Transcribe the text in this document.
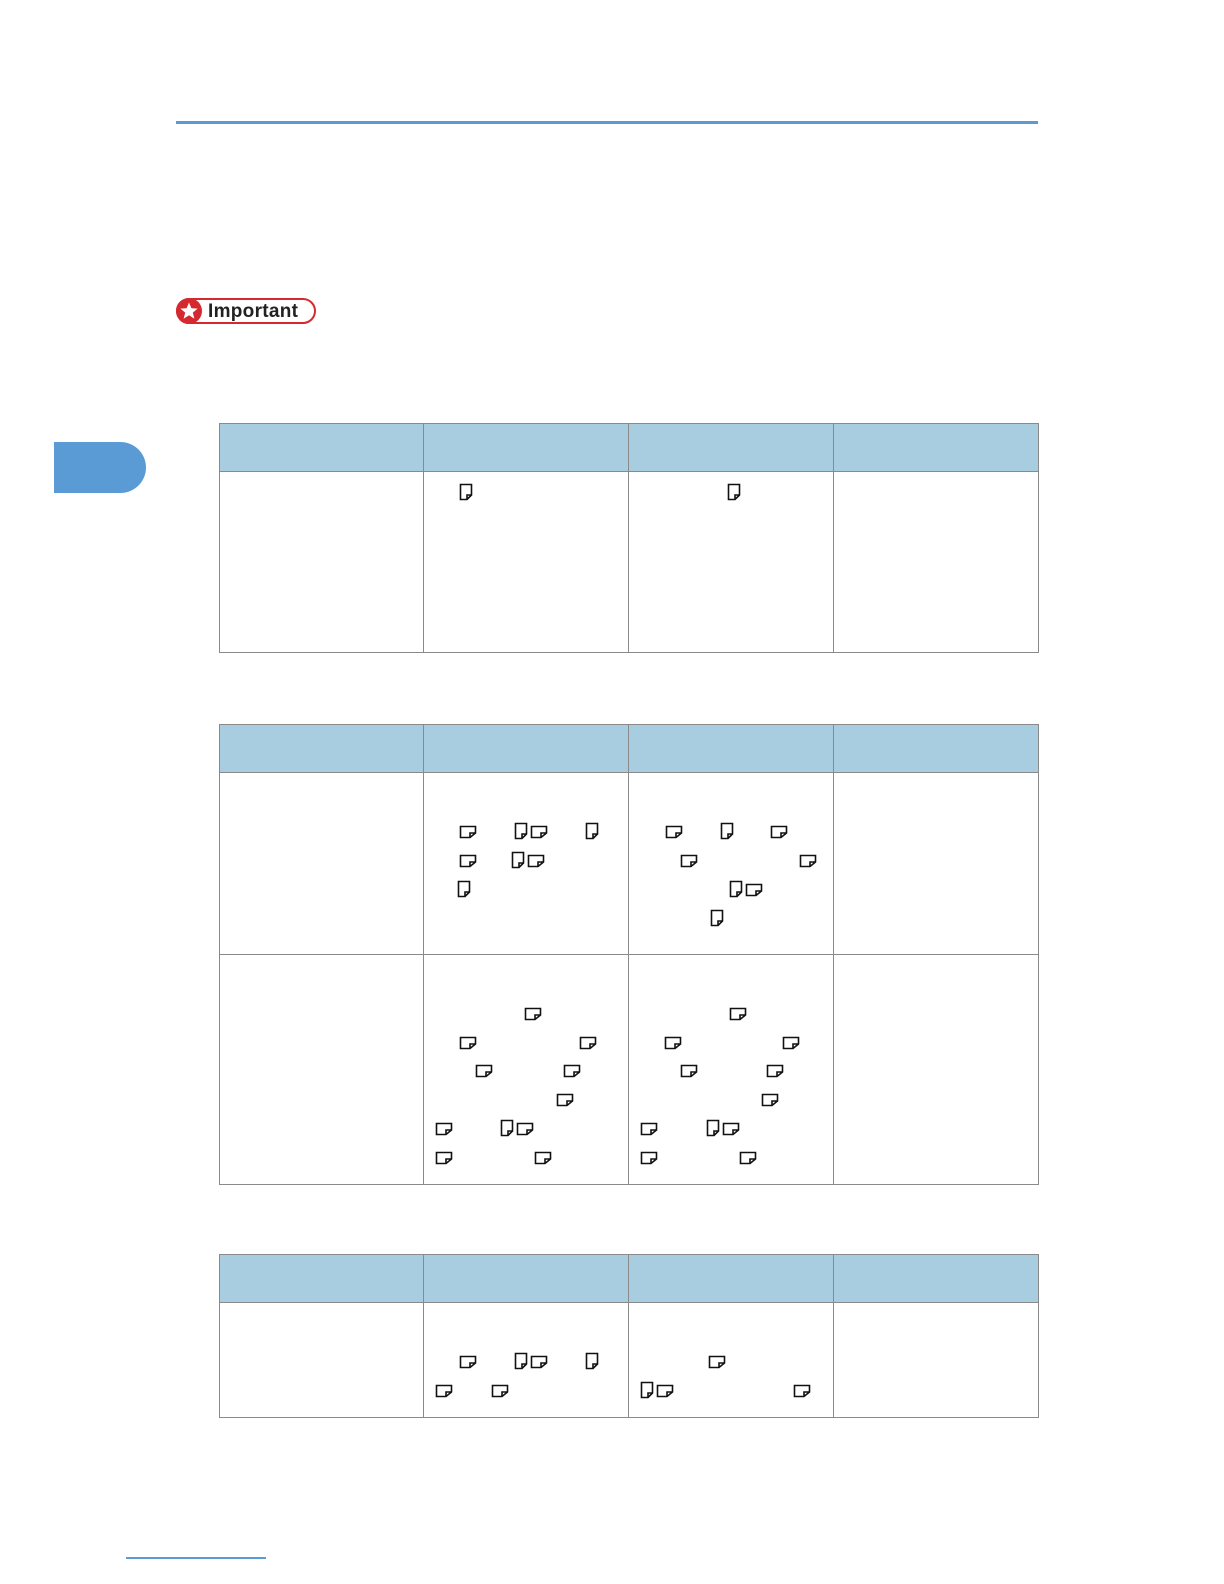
Important
